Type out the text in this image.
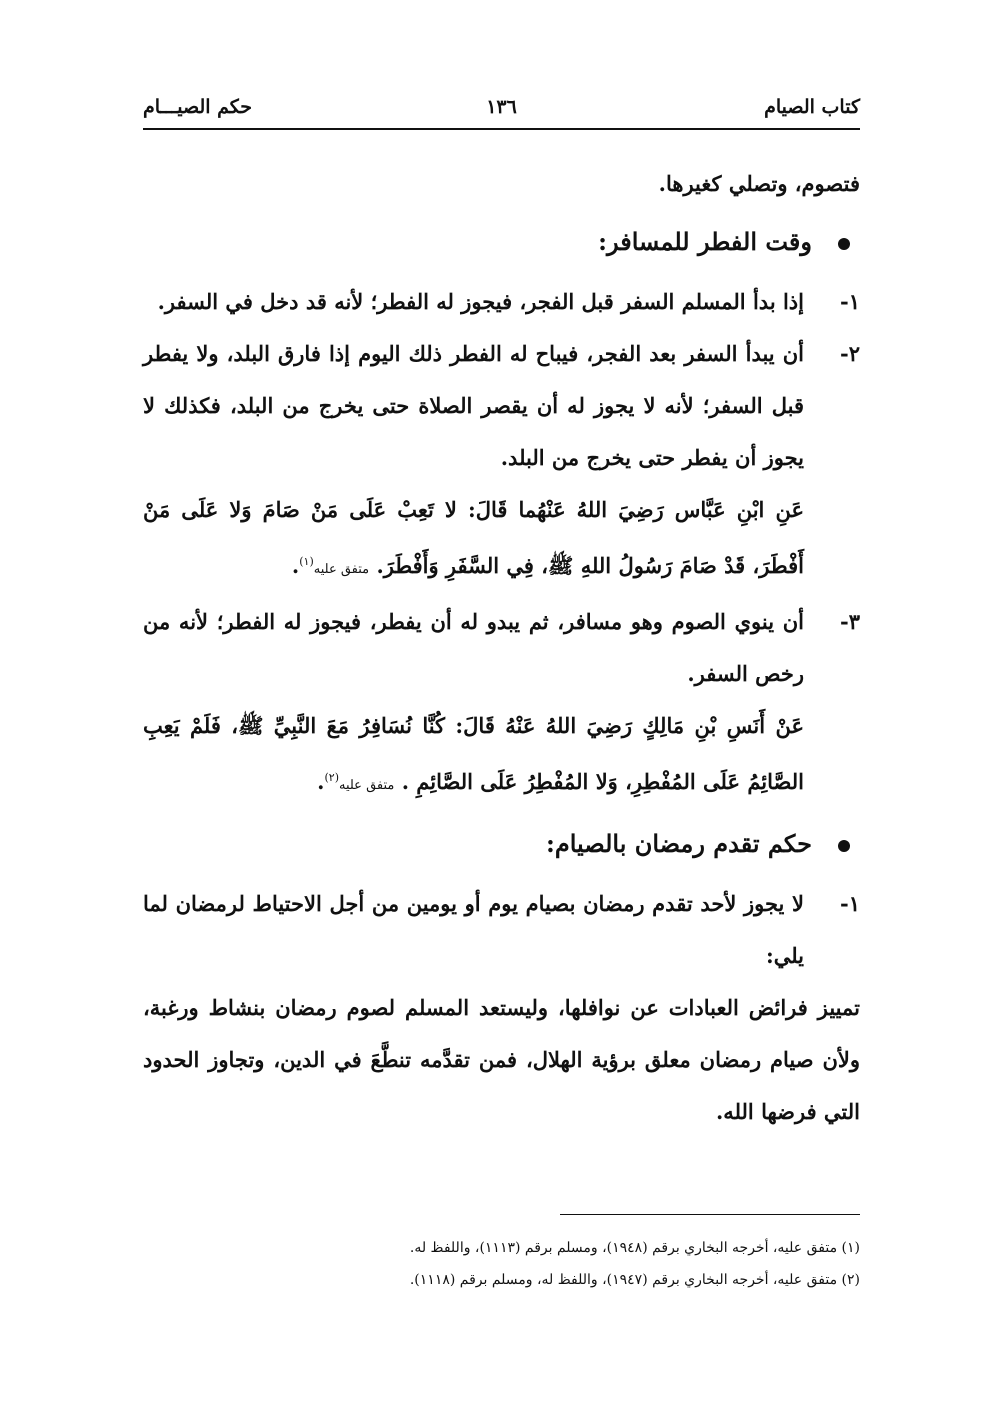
كتاب الصيام
١٣٦
حكم الصيـــام

فتصوم، وتصلي كغيرها.

وقت الفطر للمسافر:

١-
إذا بدأ المسلم السفر قبل الفجر، فيجوز له الفطر؛ لأنه قد دخل في السفر.
٢-
أن يبدأ السفر بعد الفجر، فيباح له الفطر ذلك اليوم إذا فارق البلد، ولا يفطر قبل السفر؛ لأنه لا يجوز له أن يقصر الصلاة حتى يخرج من البلد، فكذلك لا يجوز أن يفطر حتى يخرج من البلد.
عَنِ ابْنِ عَبَّاس رَضِيَ اللهُ عَنْهُما قَالَ: لا تَعِبْ عَلَى مَنْ صَامَ وَلا عَلَى مَنْ أَفْطَرَ، قَدْ صَامَ رَسُولُ اللهِ ﷺ، فِي السَّفَرِ وَأَفْطَرَ. متفق عليه$^{(١)}$.
٣-
أن ينوي الصوم وهو مسافر، ثم يبدو له أن يفطر، فيجوز له الفطر؛ لأنه من رخص السفر.
عَنْ أَنَسِ بْنِ مَالِكٍ رَضِيَ اللهُ عَنْهُ قَالَ: كُنَّا نُسَافِرُ مَعَ النَّبِيِّ ﷺ، فَلَمْ يَعِبِ الصَّائِمُ عَلَى المُفْطِرِ، وَلا المُفْطِرُ عَلَى الصَّائِمِ . متفق عليه$^{(٢)}$.

حكم تقدم رمضان بالصيام:

١-
لا يجوز لأحد تقدم رمضان بصيام يوم أو يومين من أجل الاحتياط لرمضان لما يلي:

تمييز فرائض العبادات عن نوافلها، وليستعد المسلم لصوم رمضان بنشاط ورغبة، ولأن صيام رمضان معلق برؤية الهلال، فمن تقدَّمه تنطَّعَ في الدين، وتجاوز الحدود التي فرضها الله.

(١) متفق عليه، أخرجه البخاري برقم (١٩٤٨)، ومسلم برقم (١١١٣)، واللفظ له.

(٢) متفق عليه، أخرجه البخاري برقم (١٩٤٧)، واللفظ له، ومسلم برقم (١١١٨).
